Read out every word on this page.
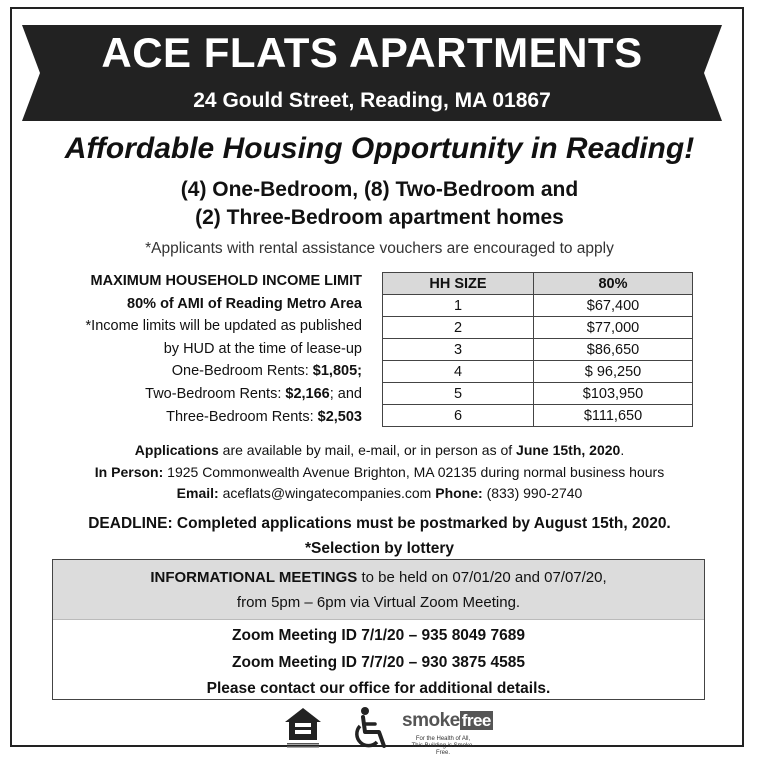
ACE FLATS APARTMENTS
24 Gould Street, Reading, MA 01867
Affordable Housing Opportunity in Reading!
(4) One-Bedroom, (8) Two-Bedroom and
(2) Three-Bedroom apartment homes
*Applicants with rental assistance vouchers are encouraged to apply
MAXIMUM HOUSEHOLD INCOME LIMIT
80% of AMI of Reading Metro Area
*Income limits will be updated as published
by HUD at the time of lease-up
One-Bedroom Rents: $1,805;
Two-Bedroom Rents: $2,166; and
Three-Bedroom Rents: $2,503
HH SIZE	80%
1	$67,400
2	$77,000
3	$86,650
4	$ 96,250
5	$103,950
6	$111,650
Applications are available by mail, e-mail, or in person as of June 15th, 2020.
In Person: 1925 Commonwealth Avenue Brighton, MA 02135 during normal business hours
Email: aceflats@wingatecompanies.com Phone: (833) 990-2740
DEADLINE: Completed applications must be postmarked by August 15th, 2020.
*Selection by lottery
INFORMATIONAL MEETINGS to be held on 07/01/20 and 07/07/20,
from 5pm – 6pm via Virtual Zoom Meeting.
Zoom Meeting ID 7/1/20 – 935 8049 7689
Zoom Meeting ID 7/7/20 – 930 3875 4585
Please contact our office for additional details.
smoke free
For the Health of All,
This Building is Smoke-Free.
